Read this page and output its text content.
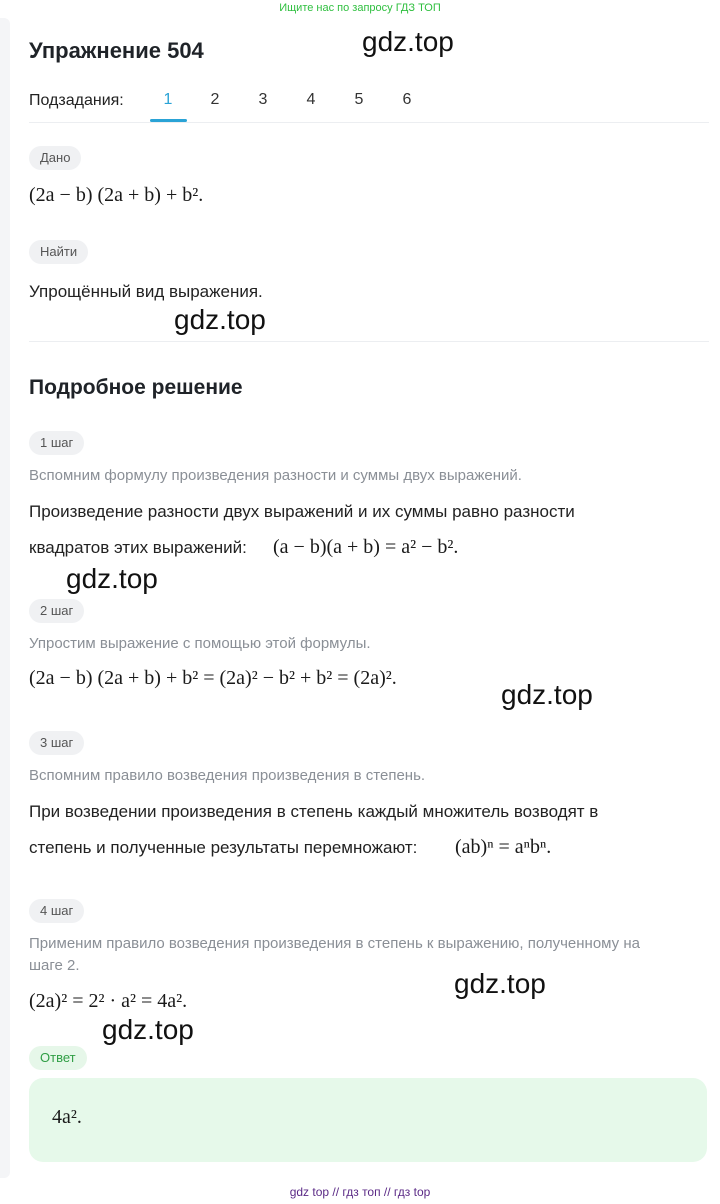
Ищите нас по запросу ГДЗ ТОП
Упражнение 504	gdz.top
Подзадания:	1	2	3	4	5	6
Дано
(2a − b) (2a + b) + b².
Найти
Упрощённый вид выражения.
gdz.top
Подробное решение
1 шаг
Вспомним формулу произведения разности и суммы двух выражений.
Произведение разности двух выражений и их суммы равно разности
квадратов этих выражений: (a − b)(a + b) = a² − b².
gdz.top
2 шаг
Упростим выражение с помощью этой формулы.
(2a − b) (2a + b) + b² = (2a)² − b² + b² = (2a)².
gdz.top
3 шаг
Вспомним правило возведения произведения в степень.
При возведении произведения в степень каждый множитель возводят в
степень и полученные результаты перемножают: (ab)ⁿ = aⁿbⁿ.
4 шаг
Применим правило возведения произведения в степень к выражению, полученному на
шаге 2.
(2a)² = 2² · a² = 4a².
gdz.top
gdz.top
Ответ
4a².
gdz top // гдз топ // гдз top
